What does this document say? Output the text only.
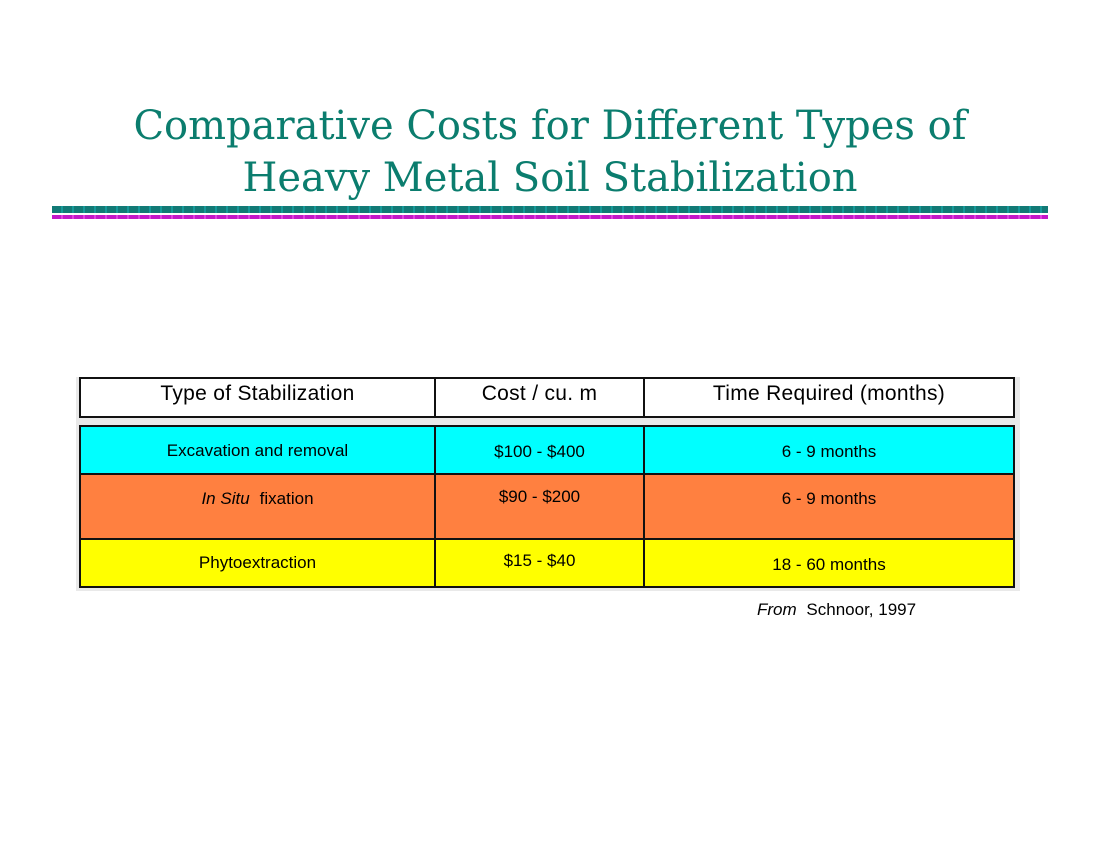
Comparative Costs for Different Types of
Heavy Metal Soil Stabilization
Type of Stabilization	Cost / cu. m	Time Required (months)
Excavation and removal	$100 - $400	6 - 9 months
In Situ fixation	$90 - $200	6 - 9 months
Phytoextraction	$15 - $40	18 - 60 months
From Schnoor, 1997
